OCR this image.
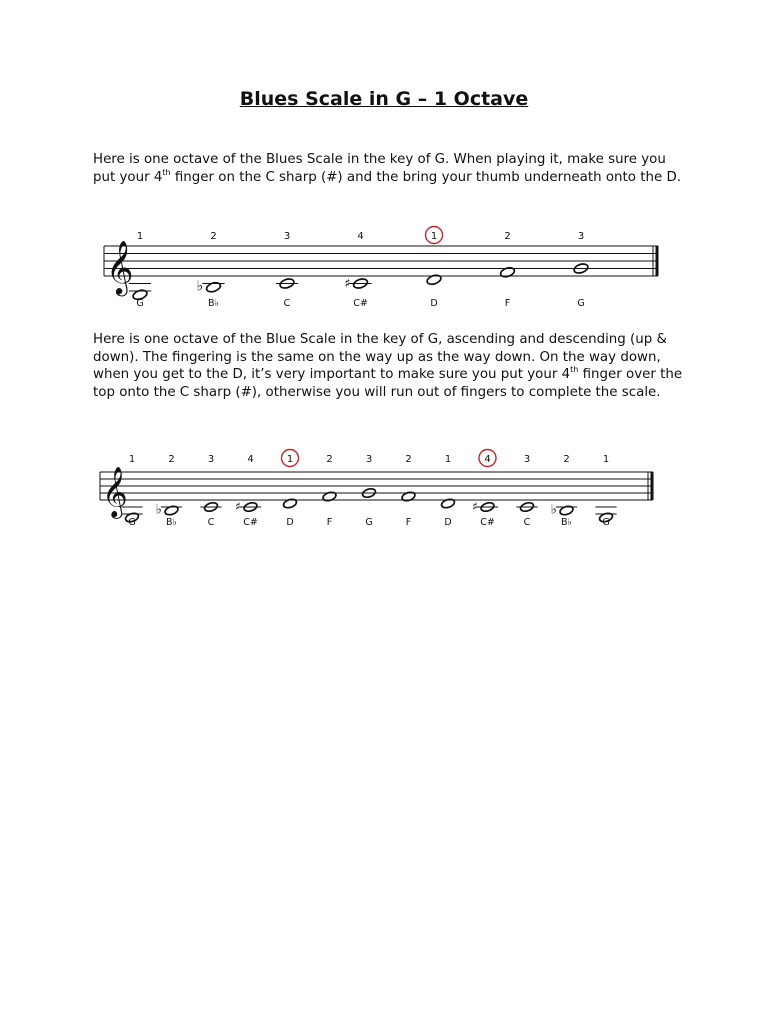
Blues Scale in G – 1 Octave

Here is one octave of the Blues Scale in the key of G. When playing it, make sure you put your 4th finger on the C sharp (#) and the bring your thumb underneath onto the D.

𝄞
1
G
♭
2
B♭
3
C
♯
4
C#
1
D
2
F
3
G

Here is one octave of the Blue Scale in the key of G, ascending and descending (up & down). The fingering is the same on the way up as the way down. On the way down, when you get to the D, it’s very important to make sure you put your 4th finger over the top onto the C sharp (#), otherwise you will run out of fingers to complete the scale.

𝄞
1
G
♭
2
B♭
3
C
♯
4
C#
1
D
2
F
3
G
2
F
1
D
♯
4
C#
3
C
♭
2
B♭
1
G
